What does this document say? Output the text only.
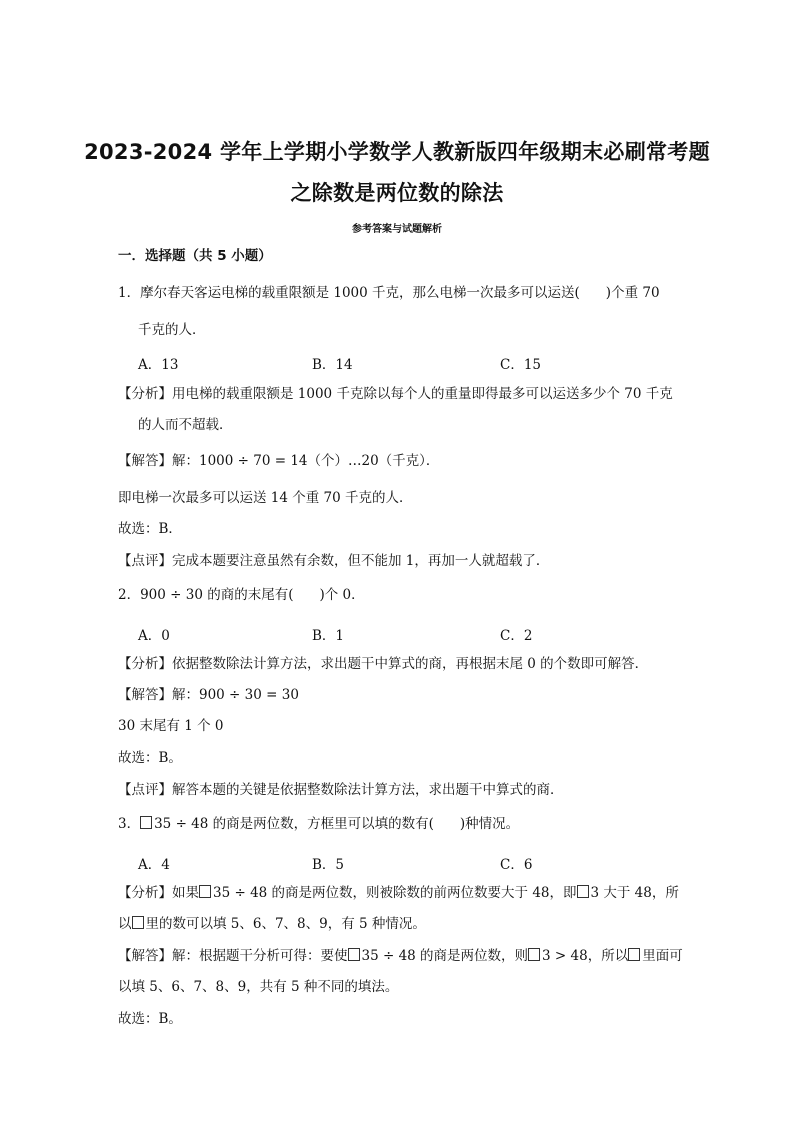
2023-2024 学年上学期小学数学人教新版四年级期末必刷常考题
之除数是两位数的除法
参考答案与试题解析
一．选择题（共 5 小题）
1．摩尔春天客运电梯的载重限额是 1000 千克，那么电梯一次最多可以运送( )个重 70
千克的人．
A．13	B．14	C．15
【分析】用电梯的载重限额是 1000 千克除以每个人的重量即得最多可以运送多少个 70 千克
的人而不超载．
【解答】解：1000 ÷ 70 = 14（个）…20（千克）．
即电梯一次最多可以运送 14 个重 70 千克的人．
故选：B．
【点评】完成本题要注意虽然有余数，但不能加 1，再加一人就超载了．
2．900 ÷ 30 的商的末尾有( )个 0．
A．0	B．1	C．2
【分析】依据整数除法计算方法，求出题干中算式的商，再根据末尾 0 的个数即可解答．
【解答】解：900 ÷ 30 = 30
30 末尾有 1 个 0
故选：B。
【点评】解答本题的关键是依据整数除法计算方法，求出题干中算式的商．
3． 35 ÷ 48 的商是两位数，方框里可以填的数有( )种情况。
A．4	B．5	C．6
【分析】如果 35 ÷ 48 的商是两位数，则被除数的前两位数要大于 48，即 3 大于 48，所
以 里的数可以填 5、6、7、8、9，有 5 种情况。
【解答】解：根据题干分析可得：要使 35 ÷ 48 的商是两位数，则 3 > 48，所以 里面可
以填 5、6、7、8、9，共有 5 种不同的填法。
故选：B。
